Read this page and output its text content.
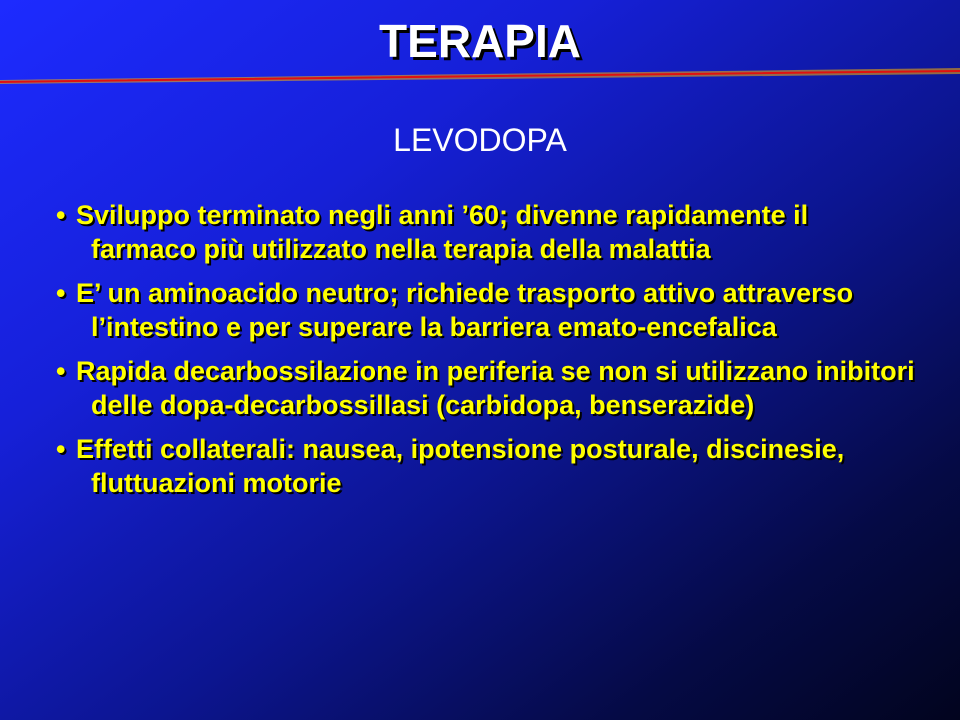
TERAPIA
LEVODOPA
• Sviluppo terminato negli anni ’60; divenne rapidamente il farmaco più utilizzato nella terapia della malattia
• E’ un aminoacido neutro; richiede trasporto attivo attraverso l’intestino e per superare la barriera emato-encefalica
• Rapida decarbossilazione in periferia se non si utilizzano inibitori delle dopa-decarbossillasi (carbidopa, benserazide)
• Effetti collaterali: nausea, ipotensione posturale, discinesie, fluttuazioni motorie
